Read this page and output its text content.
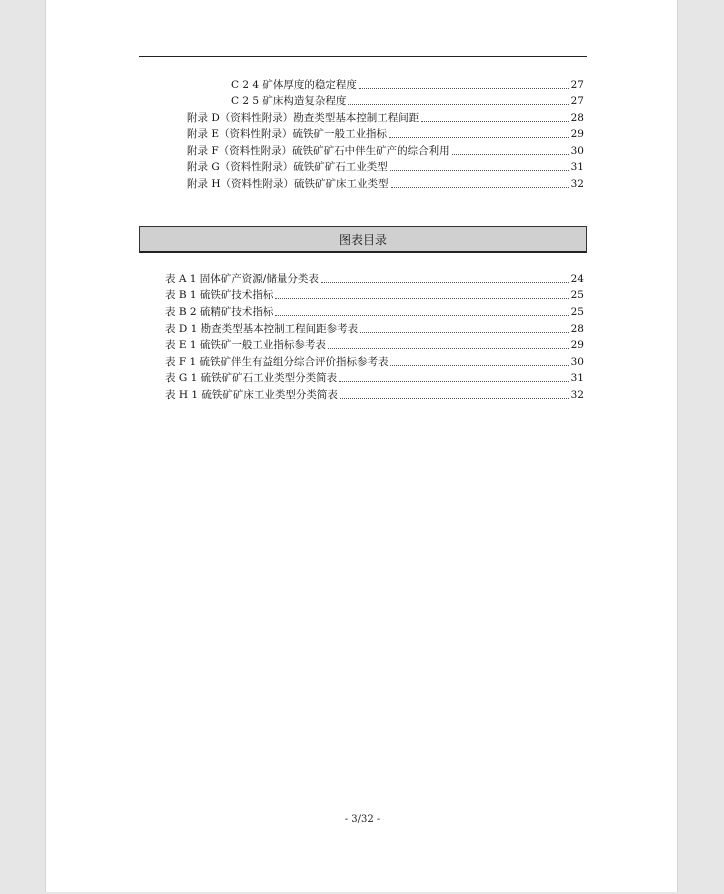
C 2 4 矿体厚度的稳定程度	27
C 2 5 矿床构造复杂程度	27
附录 D（资料性附录）勘查类型基本控制工程间距	28
附录 E（资料性附录）硫铁矿一般工业指标	29
附录 F（资料性附录）硫铁矿矿石中伴生矿产的综合利用	30
附录 G（资料性附录）硫铁矿矿石工业类型	31
附录 H（资料性附录）硫铁矿矿床工业类型	32
图表目录
表 A 1 固体矿产资源/储量分类表	24
表 B 1 硫铁矿技术指标	25
表 B 2 硫精矿技术指标	25
表 D 1 勘查类型基本控制工程间距参考表	28
表 E 1 硫铁矿一般工业指标参考表	29
表 F 1 硫铁矿伴生有益组分综合评价指标参考表	30
表 G 1 硫铁矿矿石工业类型分类简表	31
表 H 1 硫铁矿矿床工业类型分类简表	32
- 3/32 -
